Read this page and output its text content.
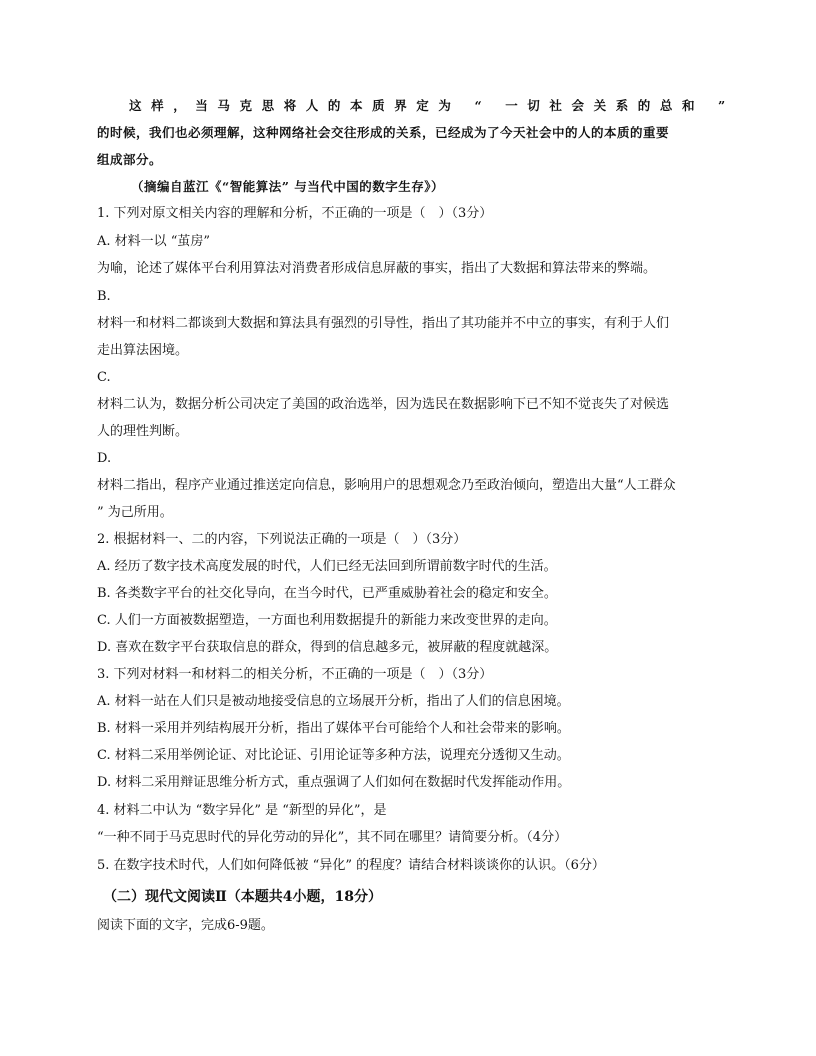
这样，当马克思将人的本质界定为 “ 一切社会关系的总和 ”

的时候，我们也必须理解，这种网络社会交往形成的关系，已经成为了今天社会中的人的本质的重要

组成部分。

（摘编自蓝江《“智能算法” 与当代中国的数字生存》）

1. 下列对原文相关内容的理解和分析，不正确的一项是（　）（3分）

A. 材料一以 “茧房”

为喻，论述了媒体平台利用算法对消费者形成信息屏蔽的事实，指出了大数据和算法带来的弊端。

B.

材料一和材料二都谈到大数据和算法具有强烈的引导性，指出了其功能并不中立的事实，有利于人们

走出算法困境。

C.

材料二认为，数据分析公司决定了美国的政治选举，因为选民在数据影响下已不知不觉丧失了对候选

人的理性判断。

D.

材料二指出，程序产业通过推送定向信息，影响用户的思想观念乃至政治倾向，塑造出大量“人工群众

” 为己所用。

2. 根据材料一、二的内容，下列说法正确的一项是（　）（3分）

A. 经历了数字技术高度发展的时代，人们已经无法回到所谓前数字时代的生活。

B. 各类数字平台的社交化导向，在当今时代，已严重威胁着社会的稳定和安全。

C. 人们一方面被数据塑造，一方面也利用数据提升的新能力来改变世界的走向。

D. 喜欢在数字平台获取信息的群众，得到的信息越多元，被屏蔽的程度就越深。

3. 下列对材料一和材料二的相关分析，不正确的一项是（　）（3分）

A. 材料一站在人们只是被动地接受信息的立场展开分析，指出了人们的信息困境。

B. 材料一采用并列结构展开分析，指出了媒体平台可能给个人和社会带来的影响。

C. 材料二采用举例论证、对比论证、引用论证等多种方法，说理充分透彻又生动。

D. 材料二采用辩证思维分析方式，重点强调了人们如何在数据时代发挥能动作用。

4. 材料二中认为 “数字异化” 是 “新型的异化”，是

“一种不同于马克思时代的异化劳动的异化”，其不同在哪里？请简要分析。（4分）

5. 在数字技术时代，人们如何降低被 “异化” 的程度？请结合材料谈谈你的认识。（6分）

（二）现代文阅读Ⅱ（本题共4小题，18分）

阅读下面的文字，完成6-9题。
